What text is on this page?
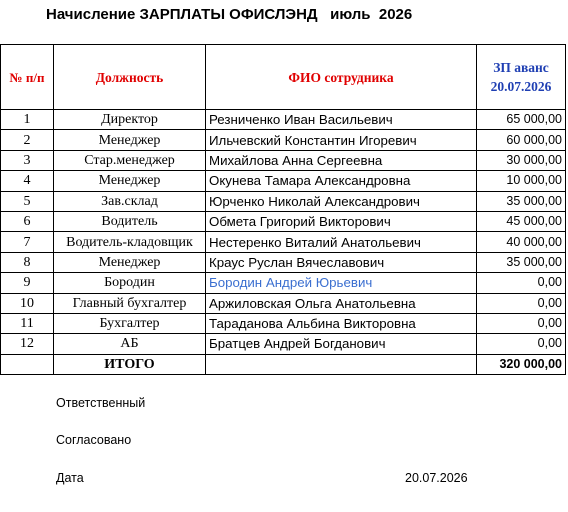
Начисление ЗАРПЛАТЫ ОФИСЛЭНД   июль  2026
№ п/п	Должность	ФИО сотрудника	ЗП аванс
20.07.2026
1	Директор	Резниченко Иван Васильевич	65 000,00
2	Менеджер	Ильчевский Константин Игоревич	60 000,00
3	Стар.менеджер	Михайлова Анна Сергеевна	30 000,00
4	Менеджер	Окунева Тамара Александровна	10 000,00
5	Зав.склад	Юрченко Николай Александрович	35 000,00
6	Водитель	Обмета Григорий Викторович	45 000,00
7	Водитель-кладовщик	Нестеренко Виталий Анатольевич	40 000,00
8	Менеджер	Краус Руслан Вячеславович	35 000,00
9	Бородин	Бородин Андрей Юрьевич	0,00
10	Главный бухгалтер	Аржиловская Ольга Анатольевна	0,00
11	Бухгалтер	Тараданова Альбина Викторовна	0,00
12	АБ	Братцев Андрей Богданович	0,00
	ИТОГО		320 000,00
Ответственный
Согласовано
Дата	20.07.2026
